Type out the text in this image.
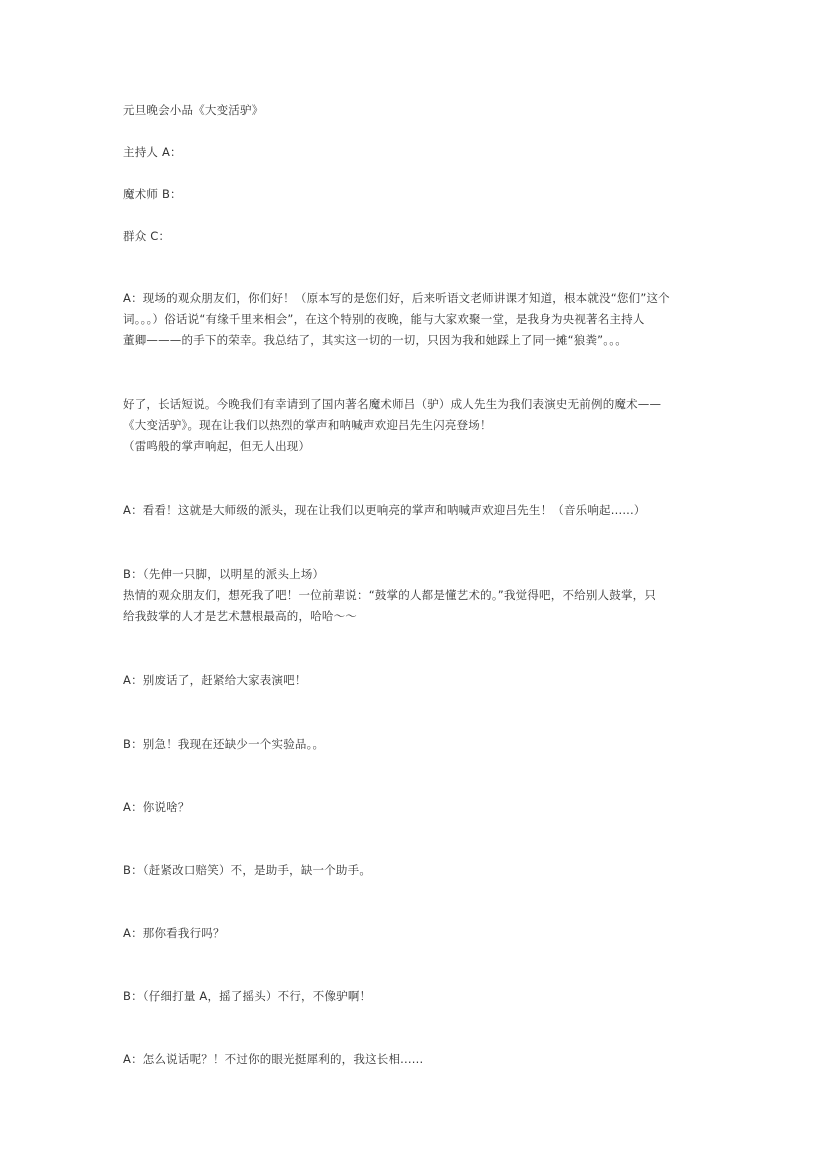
元旦晚会小品《大变活驴》
主持人 A：
魔术师 B：
群众 C：
A：现场的观众朋友们，你们好！（原本写的是您们好，后来听语文老师讲课才知道，根本就没“您们”这个
词。。。）俗话说“有缘千里来相会”，在这个特别的夜晚，能与大家欢聚一堂，是我身为央视著名主持人
董卿———的手下的荣幸。我总结了，其实这一切的一切，只因为我和她踩上了同一摊“狼粪”。。。
好了，长话短说。今晚我们有幸请到了国内著名魔术师吕（驴）成人先生为我们表演史无前例的魔术——
《大变活驴》。现在让我们以热烈的掌声和呐喊声欢迎吕先生闪亮登场！
（雷鸣般的掌声响起，但无人出现）
A：看看！这就是大师级的派头，现在让我们以更响亮的掌声和呐喊声欢迎吕先生！（音乐响起......）
B：（先伸一只脚，以明星的派头上场）
热情的观众朋友们，想死我了吧！一位前辈说：“鼓掌的人都是懂艺术的。”我觉得吧，不给别人鼓掌，只
给我鼓掌的人才是艺术慧根最高的，哈哈～～
A：别废话了，赶紧给大家表演吧！
B：别急！我现在还缺少一个实验品。。
A：你说啥？
B：（赶紧改口赔笑）不，是助手，缺一个助手。
A：那你看我行吗？
B：（仔细打量 A，摇了摇头）不行，不像驴啊！
A：怎么说话呢？！不过你的眼光挺犀利的，我这长相......
